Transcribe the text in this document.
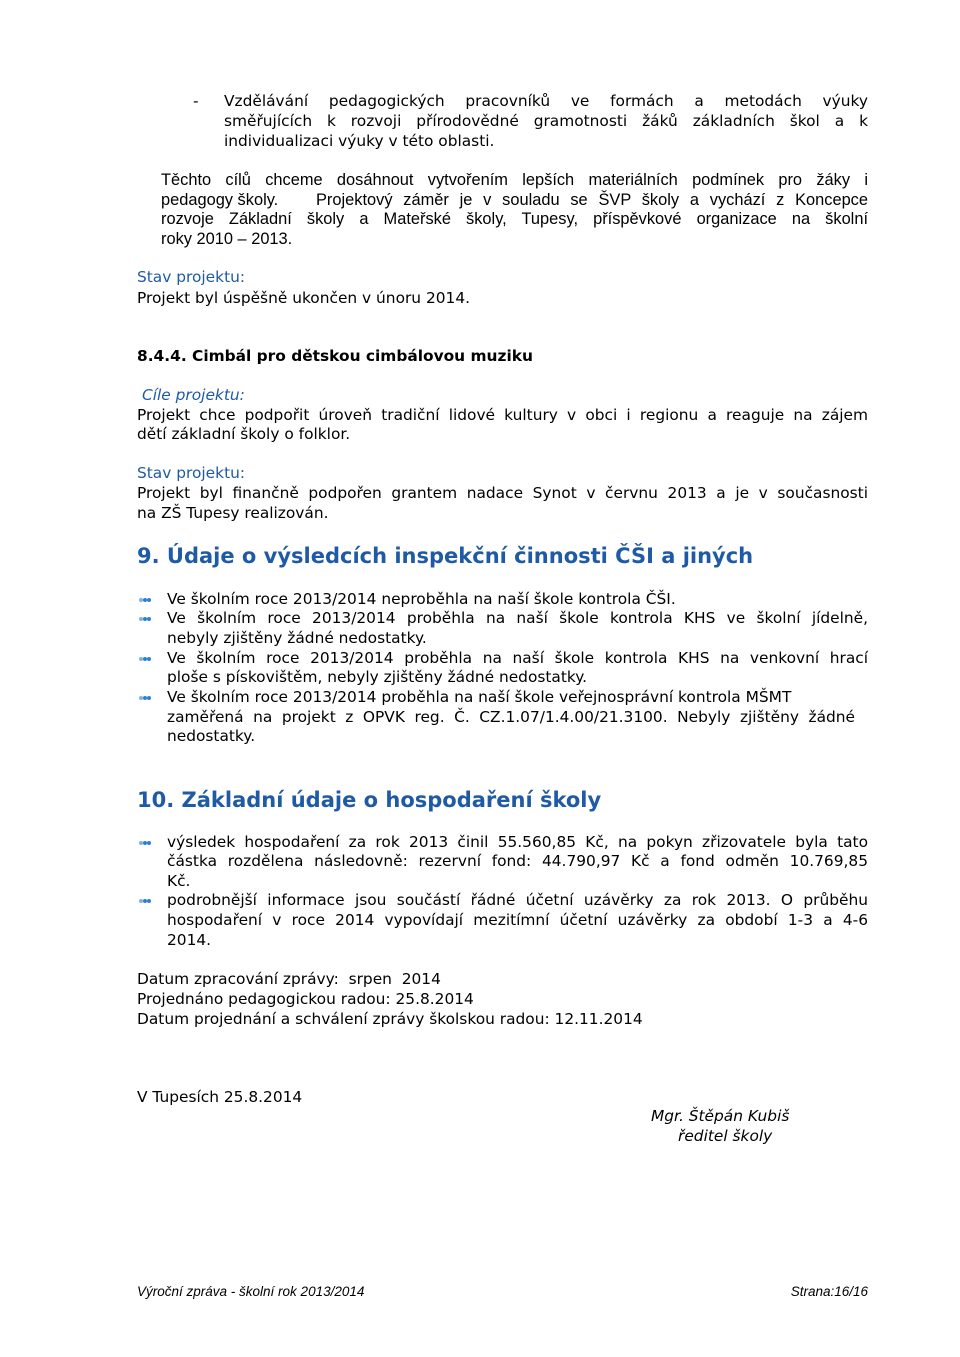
- Vzdělávání pedagogických pracovníků ve formách a metodách výuky
směřujících k rozvoji přírodovědné gramotnosti žáků základních škol a k
individualizaci výuky v této oblasti.
Těchto cílů chceme dosáhnout vytvořením lepších materiálních podmínek pro žáky i
pedagogy školy. Projektový záměr je v souladu se ŠVP školy a vychází z Koncepce
rozvoje Základní školy a Mateřské školy, Tupesy, příspěvkové organizace na školní
roky 2010 – 2013.
Stav projektu:
Projekt byl úspěšně ukončen v únoru 2014.
8.4.4. Cimbál pro dětskou cimbálovou muziku
Cíle projektu:
Projekt chce podpořit úroveň tradiční lidové kultury v obci i regionu a reaguje na zájem
dětí základní školy o folklor.
Stav projektu:
Projekt byl finančně podpořen grantem nadace Synot v červnu 2013 a je v současnosti
na ZŠ Tupesy realizován.
9. Údaje o výsledcích inspekční činnosti ČŠI a jiných
Ve školním roce 2013/2014 neproběhla na naší škole kontrola ČŠI.
Ve školním roce 2013/2014 proběhla na naší škole kontrola KHS ve školní jídelně,
nebyly zjištěny žádné nedostatky.
Ve školním roce 2013/2014 proběhla na naší škole kontrola KHS na venkovní hrací
ploše s pískovištěm, nebyly zjištěny žádné nedostatky.
Ve školním roce 2013/2014 proběhla na naší škole veřejnosprávní kontrola MŠMT
zaměřená na projekt z OPVK reg. Č. CZ.1.07/1.4.00/21.3100. Nebyly zjištěny žádné
nedostatky.
10. Základní údaje o hospodaření školy
výsledek hospodaření za rok 2013 činil 55.560,85 Kč, na pokyn zřizovatele byla tato
částka rozdělena následovně: rezervní fond: 44.790,97 Kč a fond odměn 10.769,85
Kč.
podrobnější informace jsou součástí řádné účetní uzávěrky za rok 2013. O průběhu
hospodaření v roce 2014 vypovídají mezitímní účetní uzávěrky za období 1-3 a 4-6
2014.
Datum zpracování zprávy:  srpen  2014
Projednáno pedagogickou radou: 25.8.2014
Datum projednání a schválení zprávy školskou radou: 12.11.2014
V Tupesích 25.8.2014
Mgr. Štěpán Kubiš
ředitel školy
Výroční zpráva - školní rok 2013/2014	Strana:16/16
